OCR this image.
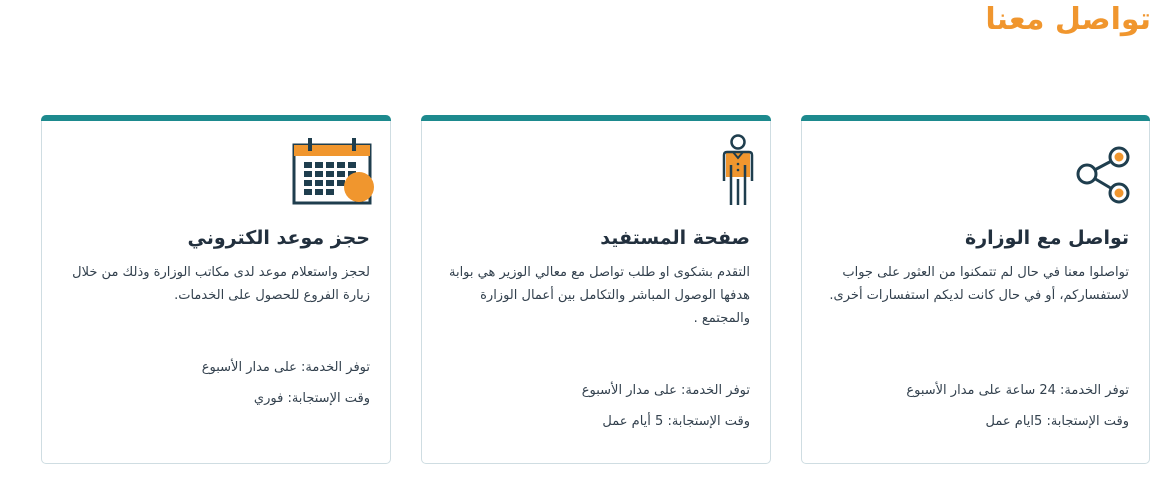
تواصل معنا
تواصل مع الوزارة
تواصلوا معنا في حال لم تتمكنوا من العثور على جواب لاستفساركم، أو في حال كانت لديكم استفسارات أخرى.
توفر الخدمة: 24 ساعة على مدار الأسبوع
وقت الإستجابة: 5ايام عمل
صفحة المستفيد
التقدم بشكوى او طلب تواصل مع معالي الوزير هي بوابة هدفها الوصول المباشر والتكامل بين أعمال الوزارة والمجتمع .
توفر الخدمة: على مدار الأسبوع
وقت الإستجابة: 5 أيام عمل
حجز موعد الكتروني
لحجز واستعلام موعد لدى مكاتب الوزارة وذلك من خلال زيارة الفروع للحصول على الخدمات.
توفر الخدمة: على مدار الأسبوع
وقت الإستجابة: فوري
